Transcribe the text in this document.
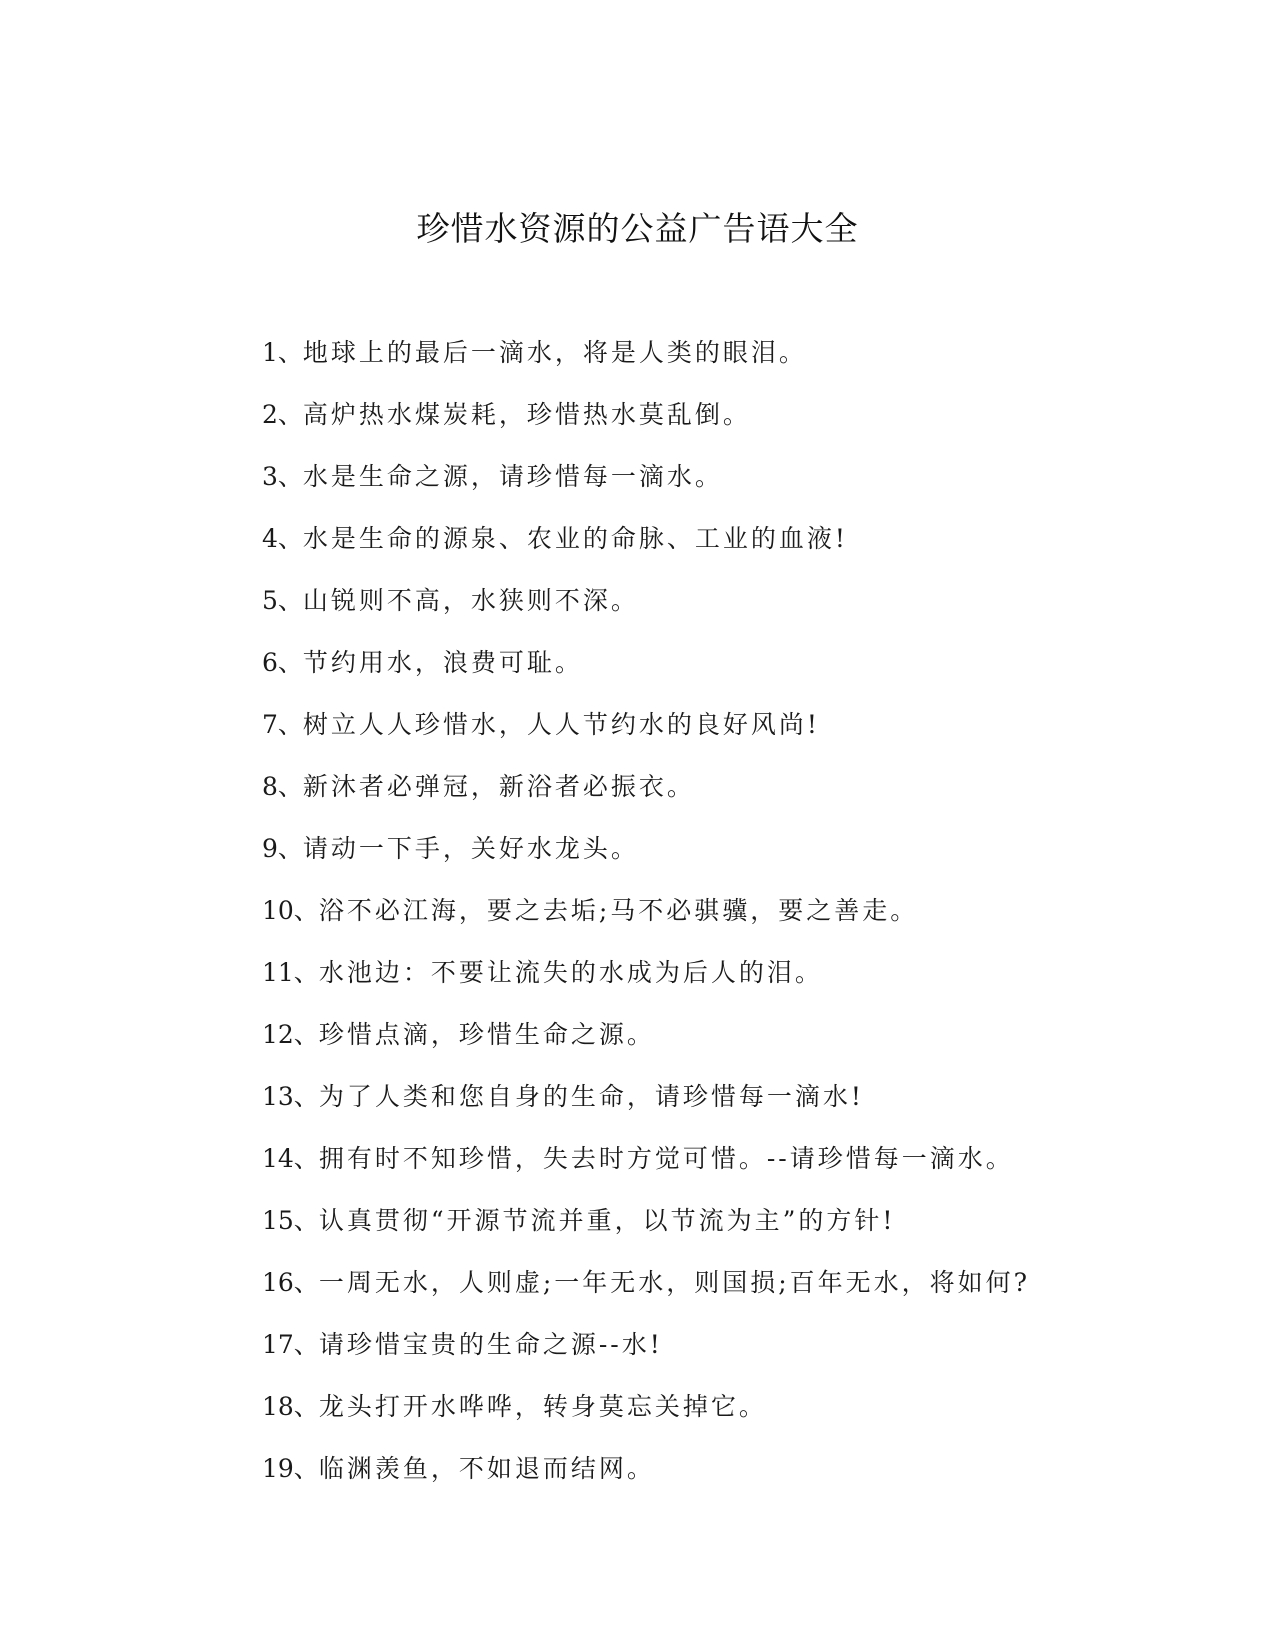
珍惜水资源的公益广告语大全
1、地球上的最后一滴水，将是人类的眼泪。
2、高炉热水煤炭耗，珍惜热水莫乱倒。
3、水是生命之源，请珍惜每一滴水。
4、水是生命的源泉、农业的命脉、工业的血液!
5、山锐则不高，水狭则不深。
6、节约用水，浪费可耻。
7、树立人人珍惜水，人人节约水的良好风尚!
8、新沐者必弹冠，新浴者必振衣。
9、请动一下手，关好水龙头。
10、浴不必江海，要之去垢;马不必骐骥，要之善走。
11、水池边：不要让流失的水成为后人的泪。
12、珍惜点滴，珍惜生命之源。
13、为了人类和您自身的生命，请珍惜每一滴水!
14、拥有时不知珍惜，失去时方觉可惜。--请珍惜每一滴水。
15、认真贯彻“开源节流并重，以节流为主”的方针!
16、一周无水，人则虚;一年无水，则国损;百年无水，将如何?
17、请珍惜宝贵的生命之源--水!
18、龙头打开水哗哗，转身莫忘关掉它。
19、临渊羡鱼，不如退而结网。
